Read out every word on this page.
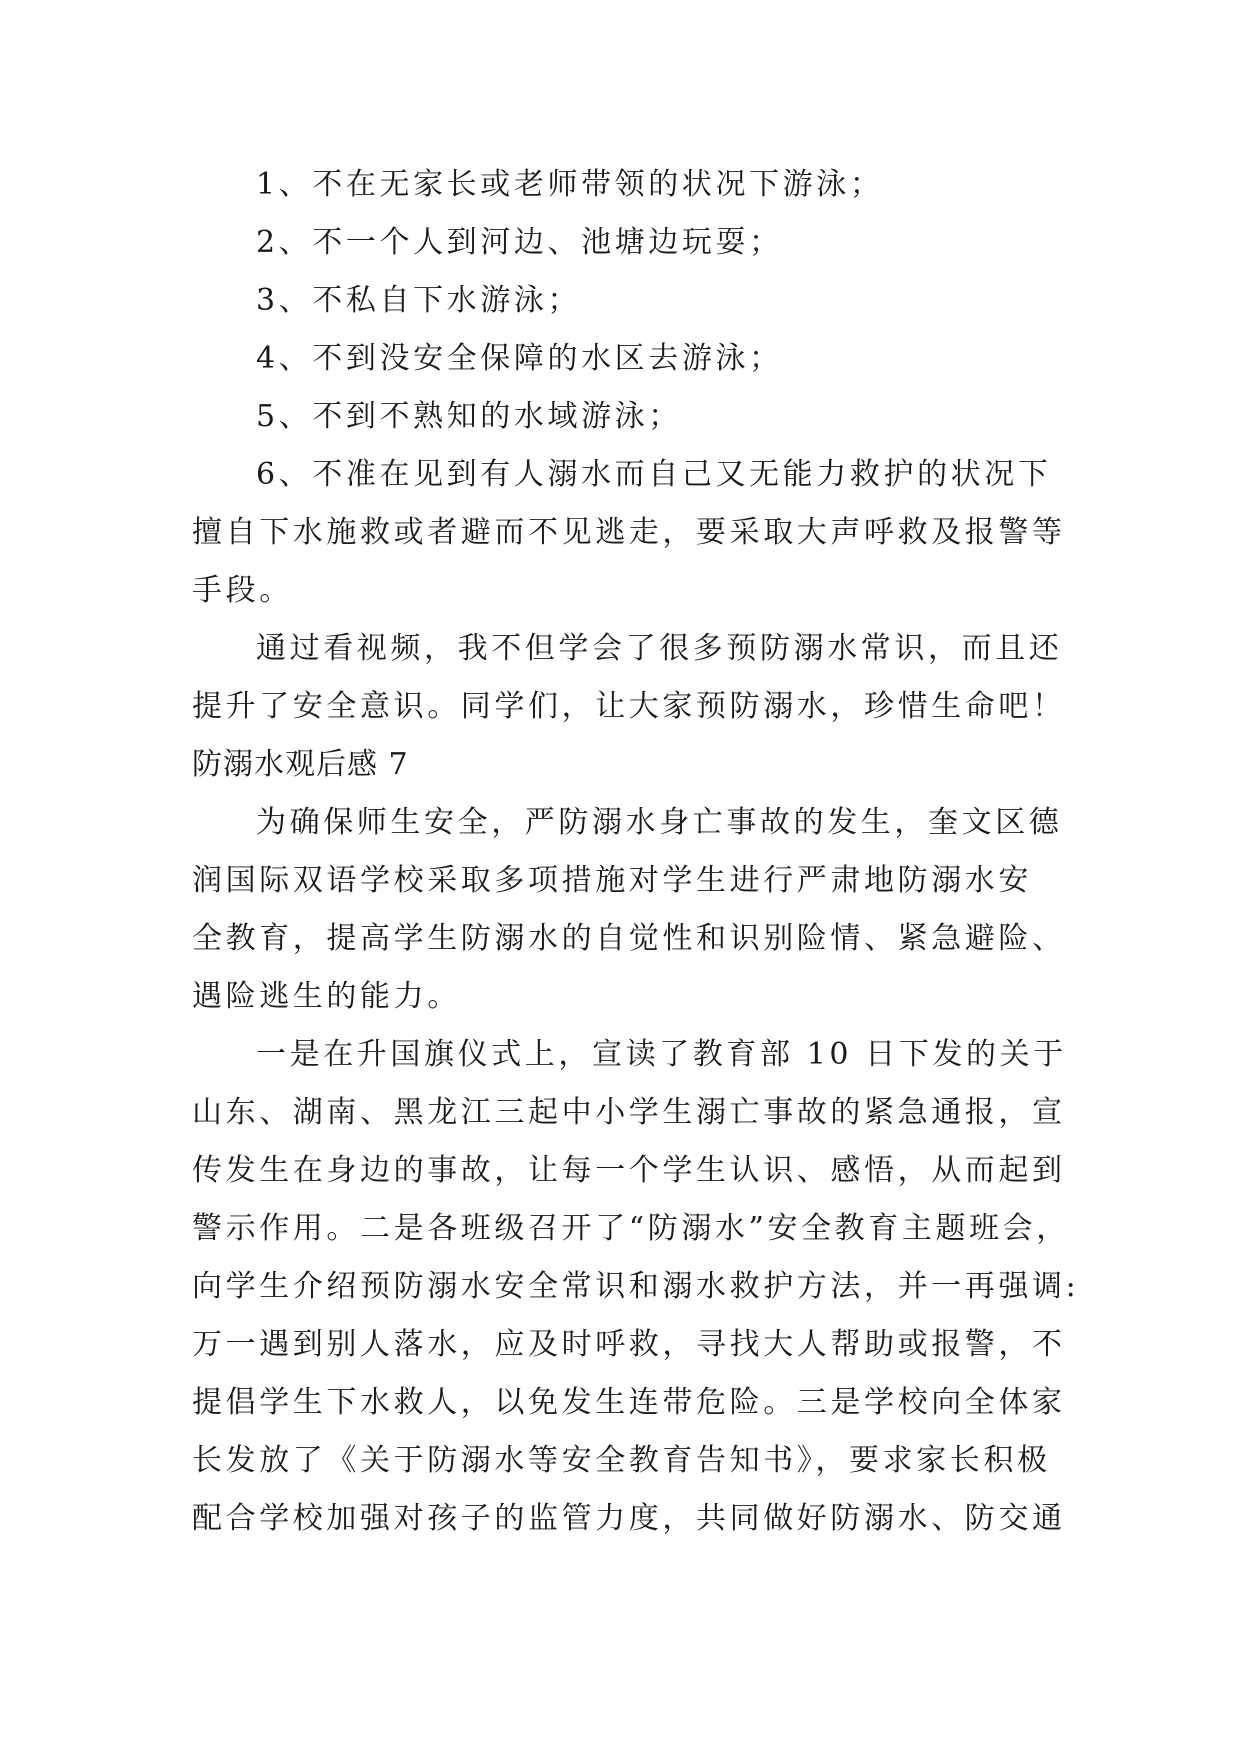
1、不在无家长或老师带领的状况下游泳；
2、不一个人到河边、池塘边玩耍；
3、不私自下水游泳；
4、不到没安全保障的水区去游泳；
5、不到不熟知的水域游泳；
6、不准在见到有人溺水而自己又无能力救护的状况下
擅自下水施救或者避而不见逃走，要采取大声呼救及报警等
手段。
通过看视频，我不但学会了很多预防溺水常识，而且还
提升了安全意识。同学们，让大家预防溺水，珍惜生命吧！
防溺水观后感 7
为确保师生安全，严防溺水身亡事故的发生，奎文区德
润国际双语学校采取多项措施对学生进行严肃地防溺水安
全教育，提高学生防溺水的自觉性和识别险情、紧急避险、
遇险逃生的能力。
一是在升国旗仪式上，宣读了教育部 10 日下发的关于
山东、湖南、黑龙江三起中小学生溺亡事故的紧急通报，宣
传发生在身边的事故，让每一个学生认识、感悟，从而起到
警示作用。二是各班级召开了“防溺水”安全教育主题班会，
向学生介绍预防溺水安全常识和溺水救护方法，并一再强调:
万一遇到别人落水，应及时呼救，寻找大人帮助或报警，不
提倡学生下水救人，以免发生连带危险。三是学校向全体家
长发放了《关于防溺水等安全教育告知书》，要求家长积极
配合学校加强对孩子的监管力度，共同做好防溺水、防交通
